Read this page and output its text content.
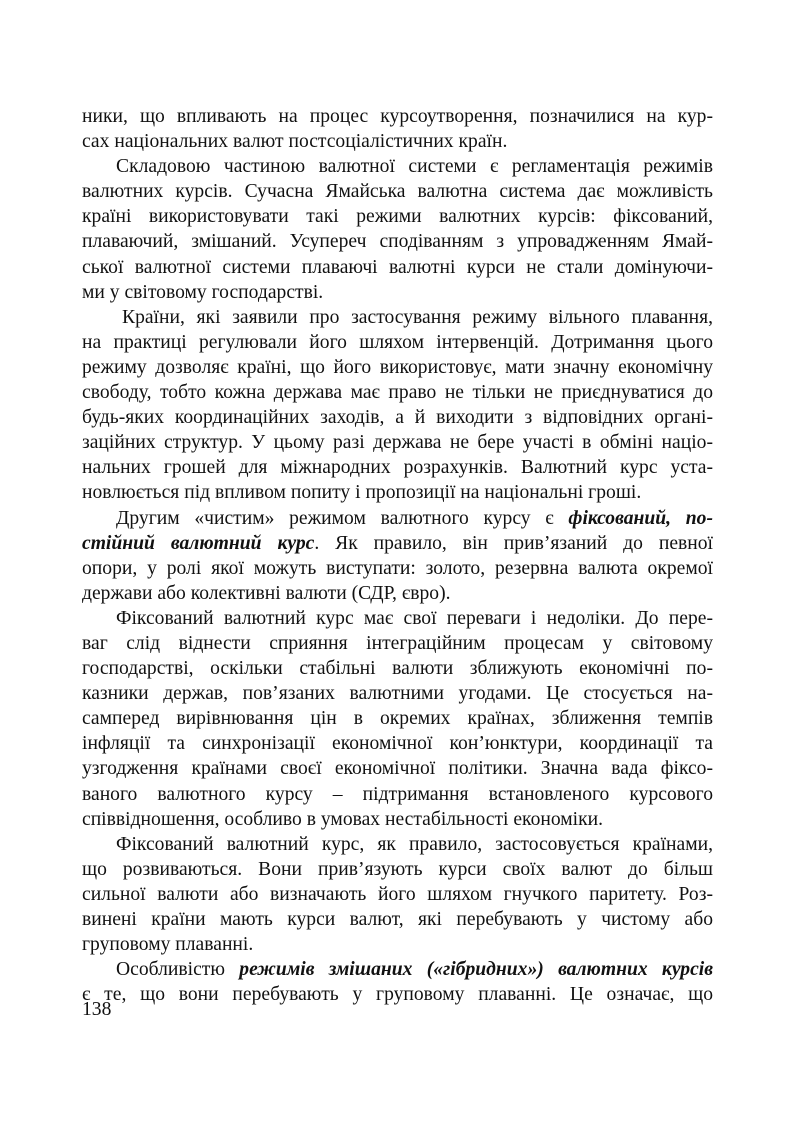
ники, що впливають на процес курсоутворення, позначилися на кур-
сах національних валют постсоціалістичних країн.
Складовою частиною валютної системи є регламентація режимів
валютних курсів. Сучасна Ямайська валютна система дає можливість
країні використовувати такі режими валютних курсів: фіксований,
плаваючий, змішаний. Усупереч сподіванням з упровадженням Ямай-
ської валютної системи плаваючі валютні курси не стали домінуючи-
ми у світовому господарстві.
Країни, які заявили про застосування режиму вільного плавання,
на практиці регулювали його шляхом інтервенцій. Дотримання цього
режиму дозволяє країні, що його використовує, мати значну економічну
свободу, тобто кожна держава має право не тільки не приєднуватися до
будь-яких координаційних заходів, а й виходити з відповідних органі-
заційних структур. У цьому разі держава не бере участі в обміні націо-
нальних грошей для міжнародних розрахунків. Валютний курс уста-
новлюється під впливом попиту і пропозиції на національні гроші.
Другим «чистим» режимом валютного курсу є фіксований, по-
стійний валютний курс. Як правило, він прив’язаний до певної
опори, у ролі якої можуть виступати: золото, резервна валюта окремої
держави або колективні валюти (СДР, євро).
Фіксований валютний курс має свої переваги і недоліки. До пере-
ваг слід віднести сприяння інтеграційним процесам у світовому
господарстві, оскільки стабільні валюти зближують економічні по-
казники держав, пов’язаних валютними угодами. Це стосується на-
самперед вирівнювання цін в окремих країнах, зближення темпів
інфляції та синхронізації економічної кон’юнктури, координації та
узгодження країнами своєї економічної політики. Значна вада фіксо-
ваного валютного курсу – підтримання встановленого курсового
співвідношення, особливо в умовах нестабільності економіки.
Фіксований валютний курс, як правило, застосовується країнами,
що розвиваються. Вони прив’язують курси своїх валют до більш
сильної валюти або визначають його шляхом гнучкого паритету. Роз-
винені країни мають курси валют, які перебувають у чистому або
груповому плаванні.
Особливістю режимів змішаних («гібридних») валютних курсів
є те, що вони перебувають у груповому плаванні. Це означає, що
138
